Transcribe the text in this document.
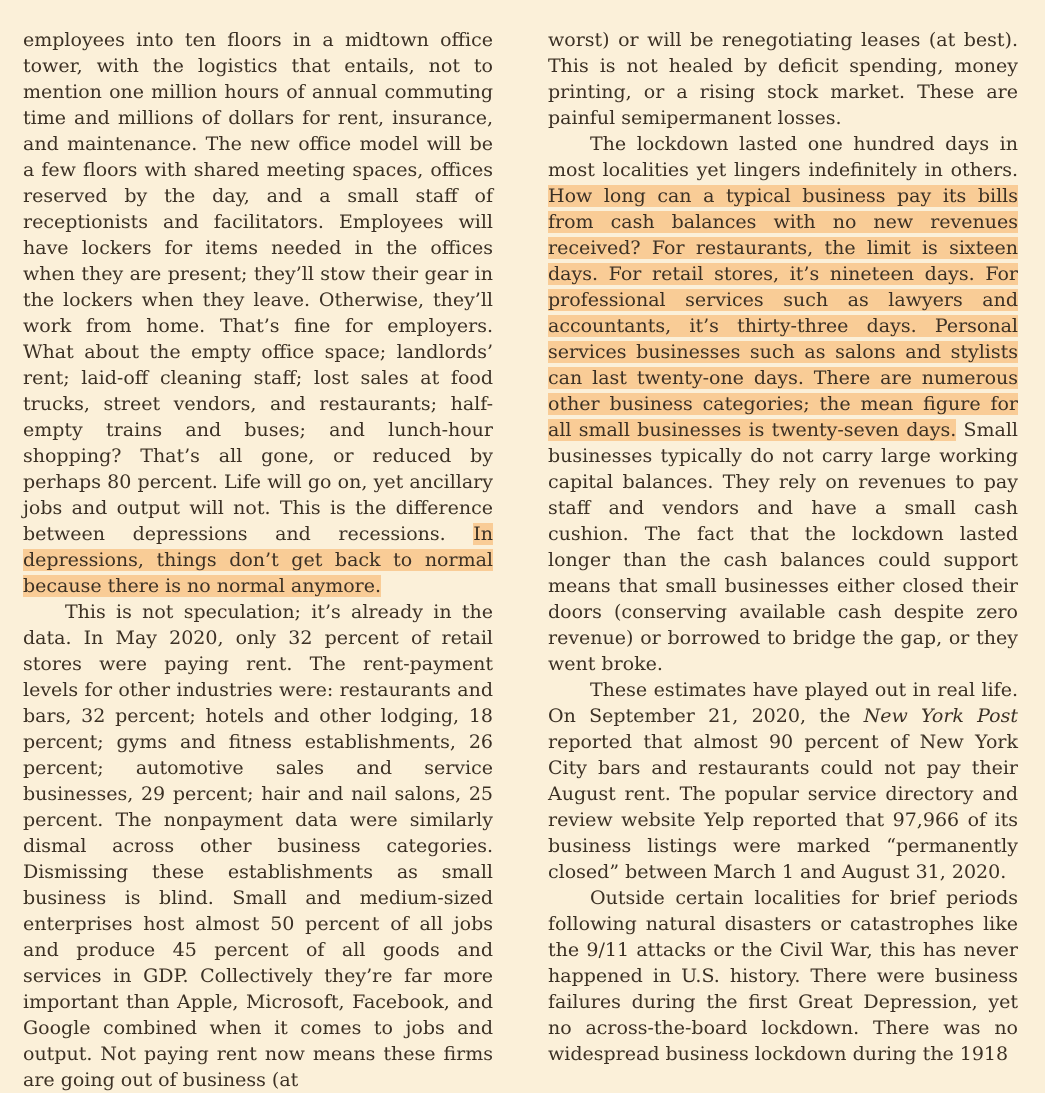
employees into ten floors in a midtown office tower, with the logistics that entails, not to mention one million hours of annual commuting time and millions of dollars for rent, insurance, and maintenance. The new office model will be a few floors with shared meeting spaces, offices reserved by the day, and a small staff of receptionists and facilitators. Employees will have lockers for items needed in the offices when they are present; they’ll stow their gear in the lockers when they leave. Otherwise, they’ll work from home. That’s fine for employers. What about the empty office space; landlords’ rent; laid-off cleaning staff; lost sales at food trucks, street vendors, and restaurants; half-empty trains and buses; and lunch-hour shopping? That’s all gone, or reduced by perhaps 80 percent. Life will go on, yet ancillary jobs and output will not. This is the difference between depressions and recessions. In depressions, things don’t get back to normal because there is no normal anymore.

This is not speculation; it’s already in the data. In May 2020, only 32 percent of retail stores were paying rent. The rent-payment levels for other industries were: restaurants and bars, 32 percent; hotels and other lodging, 18 percent; gyms and fitness establishments, 26 percent; automotive sales and service businesses, 29 percent; hair and nail salons, 25 percent. The nonpayment data were similarly dismal across other business categories. Dismissing these establishments as small business is blind. Small and medium-sized enterprises host almost 50 percent of all jobs and produce 45 percent of all goods and services in GDP. Collectively they’re far more important than Apple, Microsoft, Facebook, and Google combined when it comes to jobs and output. Not paying rent now means these firms are going out of business (at

worst) or will be renegotiating leases (at best). This is not healed by deficit spending, money printing, or a rising stock market. These are painful semipermanent losses.

The lockdown lasted one hundred days in most localities yet lingers indefinitely in others. How long can a typical business pay its bills from cash balances with no new revenues received? For restaurants, the limit is sixteen days. For retail stores, it’s nineteen days. For professional services such as lawyers and accountants, it’s thirty-three days. Personal services businesses such as salons and stylists can last twenty-one days. There are numerous other business categories; the mean figure for all small businesses is twenty-seven days. Small businesses typically do not carry large working capital balances. They rely on revenues to pay staff and vendors and have a small cash cushion. The fact that the lockdown lasted longer than the cash balances could support means that small businesses either closed their doors (conserving available cash despite zero revenue) or borrowed to bridge the gap, or they went broke.

These estimates have played out in real life. On September 21, 2020, the New York Post reported that almost 90 percent of New York City bars and restaurants could not pay their August rent. The popular service directory and review website Yelp reported that 97,966 of its business listings were marked “permanently closed” between March 1 and August 31, 2020.

Outside certain localities for brief periods following natural disasters or catastrophes like the 9/11 attacks or the Civil War, this has never happened in U.S. history. There were business failures during the first Great Depression, yet no across-the-board lockdown. There was no widespread business lockdown during the 1918
